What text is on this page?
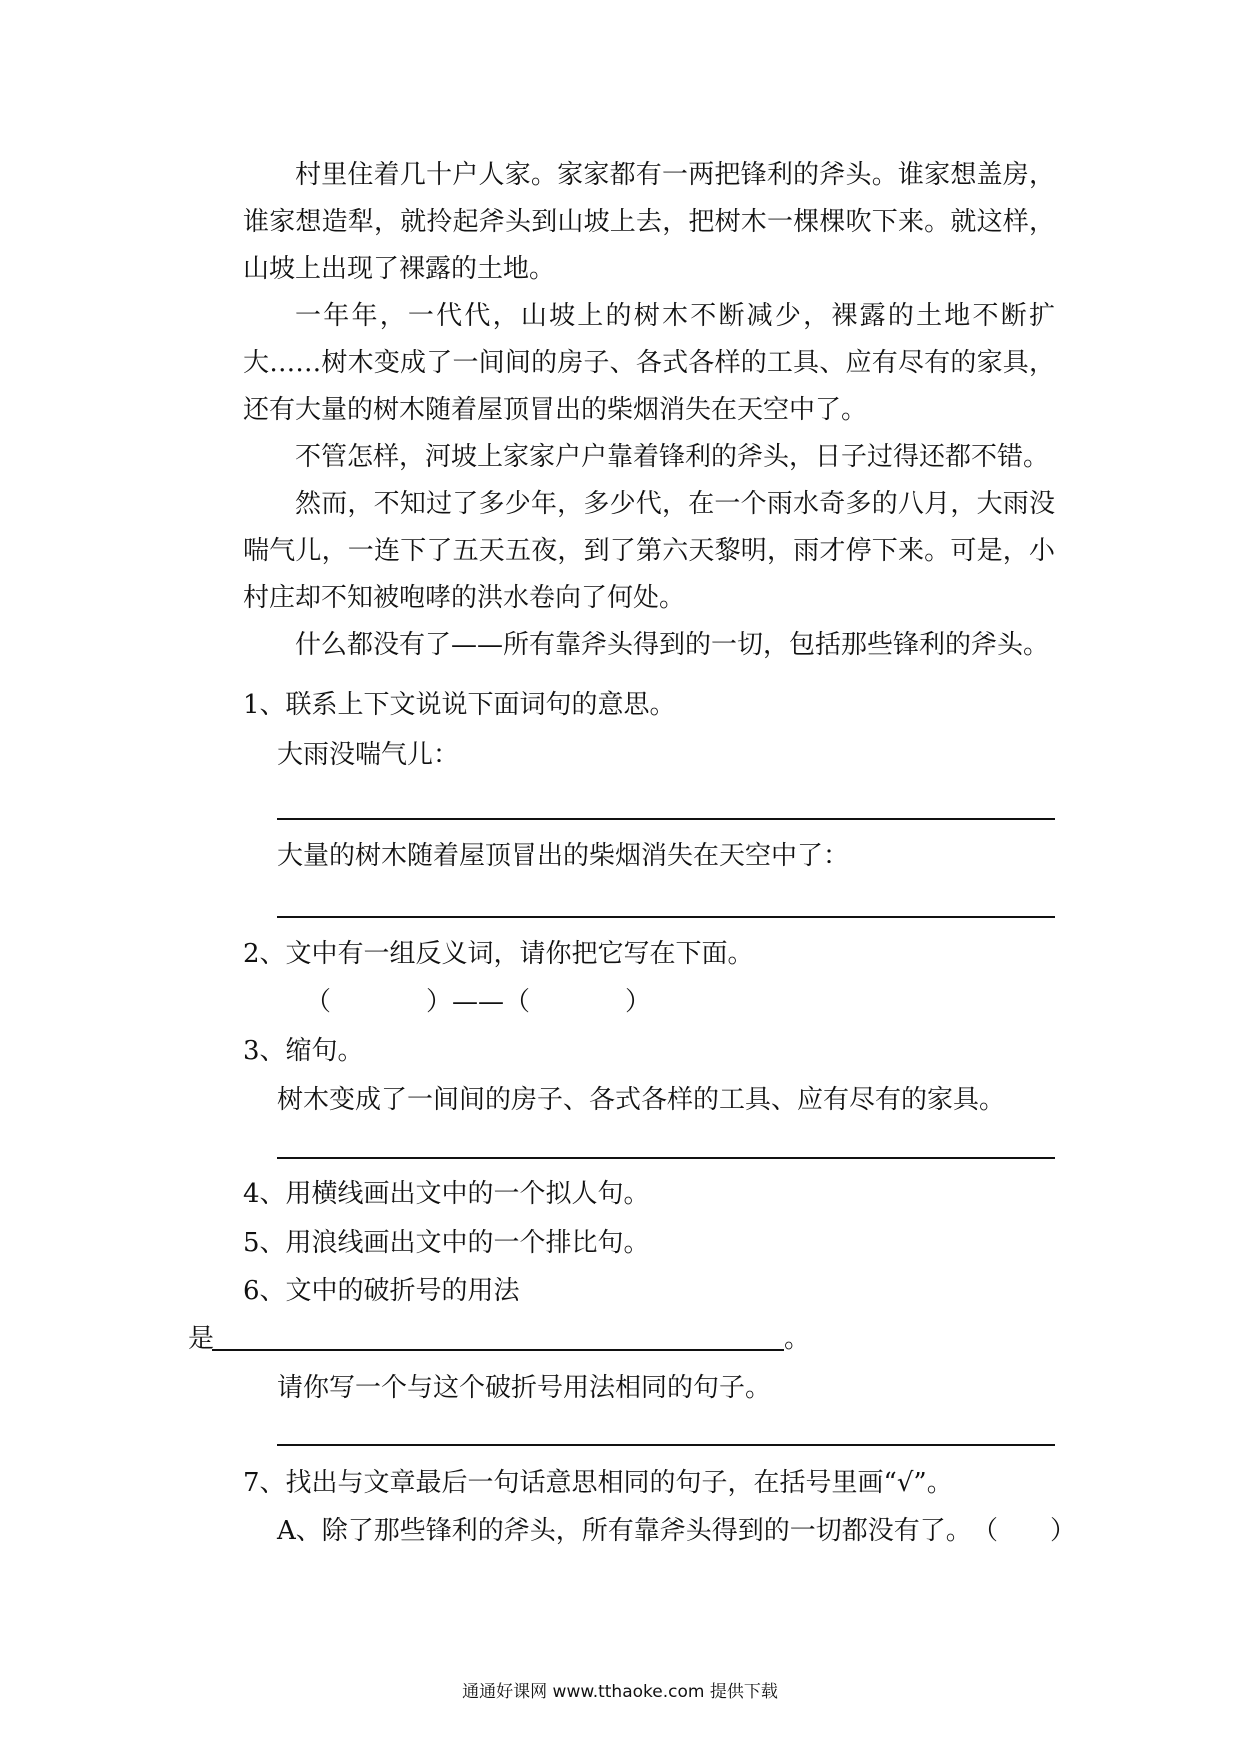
村里住着几十户人家。家家都有一两把锋利的斧头。谁家想盖房，谁家想造犁，就拎起斧头到山坡上去，把树木一棵棵吹下来。就这样，山坡上出现了裸露的土地。

一年年，一代代，山坡上的树木不断减少，裸露的土地不断扩大……树木变成了一间间的房子、各式各样的工具、应有尽有的家具，还有大量的树木随着屋顶冒出的柴烟消失在天空中了。

不管怎样，河坡上家家户户靠着锋利的斧头，日子过得还都不错。

然而，不知过了多少年，多少代，在一个雨水奇多的八月，大雨没喘气儿，一连下了五天五夜，到了第六天黎明，雨才停下来。可是，小村庄却不知被咆哮的洪水卷向了何处。

什么都没有了——所有靠斧头得到的一切，包括那些锋利的斧头。

1、联系上下文说说下面词句的意思。
大雨没喘气儿：
大量的树木随着屋顶冒出的柴烟消失在天空中了：
2、文中有一组反义词，请你把它写在下面。
（	）——（	）
3、缩句。
树木变成了一间间的房子、各式各样的工具、应有尽有的家具。
4、用横线画出文中的一个拟人句。
5、用浪线画出文中的一个排比句。
6、文中的破折号的用法
是	。
请你写一个与这个破折号用法相同的句子。
7、找出与文章最后一句话意思相同的句子，在括号里画“√”。
A、除了那些锋利的斧头，所有靠斧头得到的一切都没有了。 （　　）
通通好课网 www.tthaoke.com 提供下载
